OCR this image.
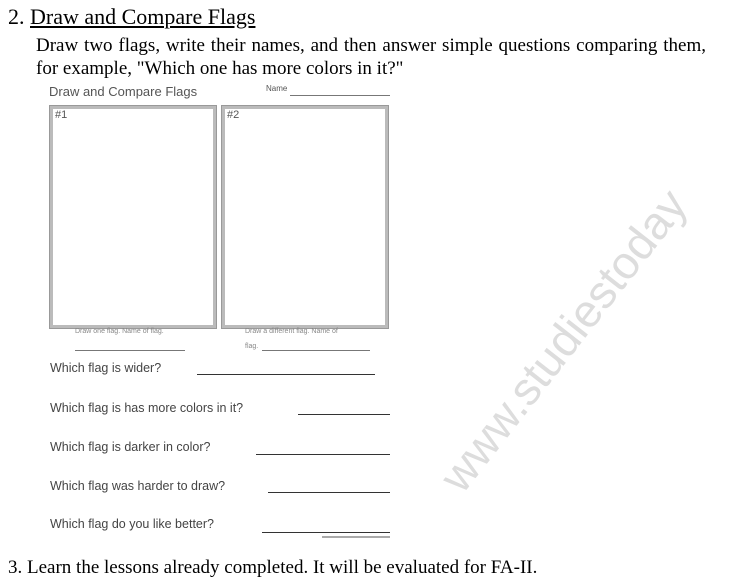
www.studiestoday
2. Draw and Compare Flags
Draw two flags, write their names, and then answer simple questions comparing them, for example, "Which one has more colors in it?"
Draw and Compare Flags	Name
#1	#2
Draw one flag. Name of flag.	Draw a different flag. Name of
flag.
Which flag is wider?
Which flag is has more colors in it?
Which flag is darker in color?
Which flag was harder to draw?
Which flag do you like better?
3. Learn the lessons already completed. It will be evaluated for FA-II.
